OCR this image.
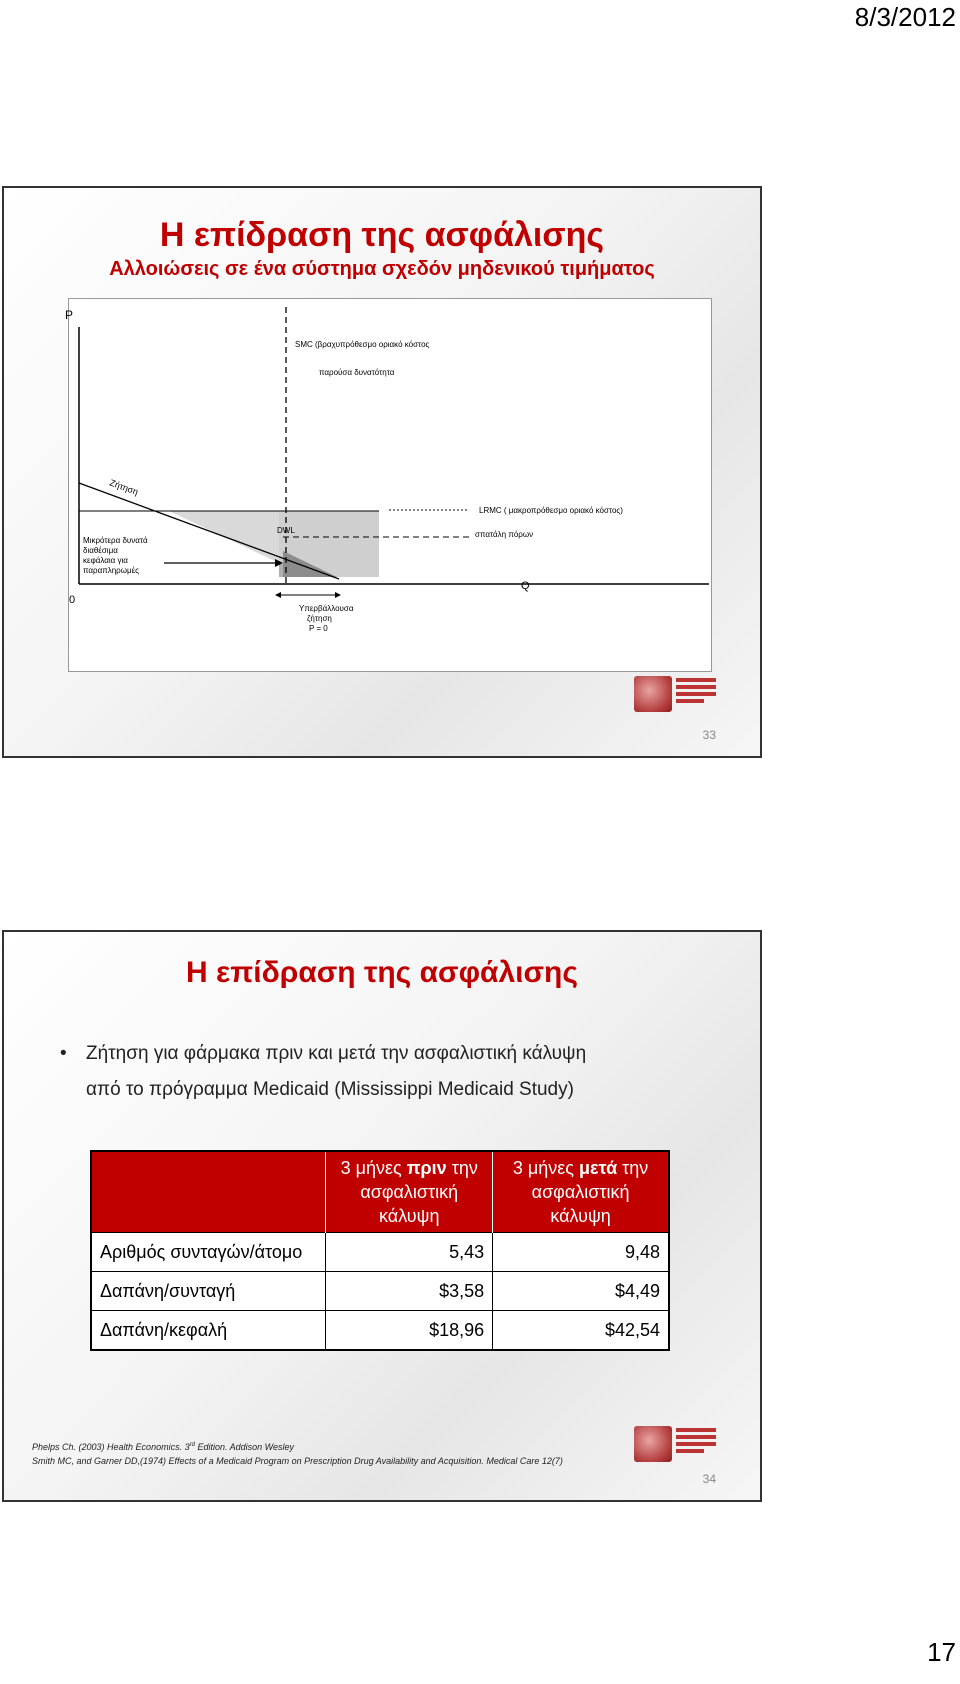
8/3/2012
Η επίδραση της ασφάλισης
Αλλοιώσεις σε ένα σύστημα σχεδόν μηδενικού τιμήματος
P
Q
0
SMC (βραχυπρόθεσμο οριακό κόστος
παρούσα δυνατότητα
Ζήτηση
LRMC ( μακροπρόθεσμο οριακό κόστος)
DWL	σπατάλη πόρων
Μικρότερα δυνατά
διαθέσιμα
κεφάλαια για
παραπληρωμές
Υπερβάλλουσα
ζήτηση
P = 0
33
Η επίδραση της ασφάλισης
• Ζήτηση για φάρμακα πριν και μετά την ασφαλιστική κάλυψη
από το πρόγραμμα Medicaid (Mississippi Medicaid Study)
	3 μήνες πριν την
ασφαλιστική
κάλυψη	3 μήνες μετά την
ασφαλιστική
κάλυψη
Αριθμός συνταγών/άτομο	5,43	9,48
Δαπάνη/συνταγή	$3,58	$4,49
Δαπάνη/κεφαλή	$18,96	$42,54
Phelps Ch. (2003) Health Economics. 3rd Edition. Addison Wesley
Smith MC, and Garner DD,(1974) Effects of a Medicaid Program on Prescription Drug Availability and Acquisition. Medical Care 12(7)
34
17
